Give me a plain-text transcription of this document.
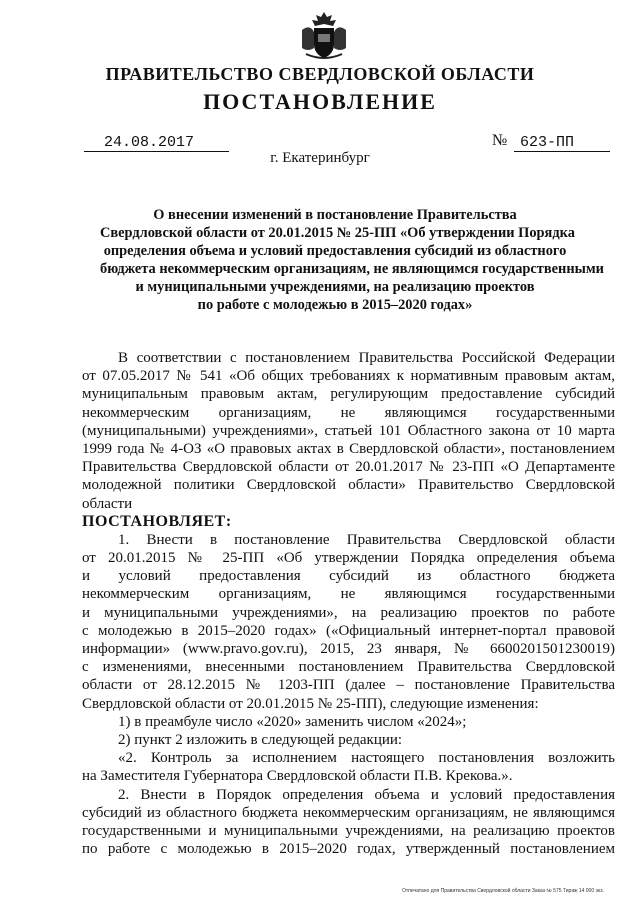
ПРАВИТЕЛЬСТВО СВЕРДЛОВСКОЙ ОБЛАСТИ
ПОСТАНОВЛЕНИЕ
24.08.2017	№ 623-ПП
г. Екатеринбург
О внесении изменений в постановление Правительства
Свердловской области от 20.01.2015 № 25-ПП «Об утверждении Порядка
определения объема и условий предоставления субсидий из областного
бюджета некоммерческим организациям, не являющимся государственными
и муниципальными учреждениями, на реализацию проектов
по работе с молодежью в 2015–2020 годах»
В соответствии с постановлением Правительства Российской Федерации
от 07.05.2017 № 541 «Об общих требованиях к нормативным правовым актам,
муниципальным правовым актам, регулирующим предоставление субсидий
некоммерческим организациям, не являющимся государственными
(муниципальными) учреждениями», статьей 101 Областного закона от 10 марта
1999 года № 4-ОЗ «О правовых актах в Свердловской области», постановлением
Правительства Свердловской области от 20.01.2017 № 23-ПП «О Департаменте
молодежной политики Свердловской области» Правительство Свердловской
области
ПОСТАНОВЛЯЕТ:
1. Внести в постановление Правительства Свердловской области
от 20.01.2015 № 25-ПП «Об утверждении Порядка определения объема
и условий предоставления субсидий из областного бюджета
некоммерческим организациям, не являющимся государственными
и муниципальными учреждениями», на реализацию проектов по работе
с молодежью в 2015–2020 годах» («Официальный интернет-портал правовой
информации» (www.pravo.gov.ru), 2015, 23 января, № 6600201501230019)
с изменениями, внесенными постановлением Правительства Свердловской
области от 28.12.2015 № 1203-ПП (далее – постановление Правительства
Свердловской области от 20.01.2015 № 25-ПП), следующие изменения:
1) в преамбуле число «2020» заменить числом «2024»;
2) пункт 2 изложить в следующей редакции:
«2. Контроль за исполнением настоящего постановления возложить
на Заместителя Губернатора Свердловской области П.В. Крекова.».
2. Внести в Порядок определения объема и условий предоставления
субсидий из областного бюджета некоммерческим организациям, не являющимся
государственными и муниципальными учреждениями, на реализацию проектов
по работе с молодежью в 2015–2020 годах, утвержденный постановлением
Отпечатано для Правительства Свердловской области Заказ № 575 Тираж 14 000 экз.
